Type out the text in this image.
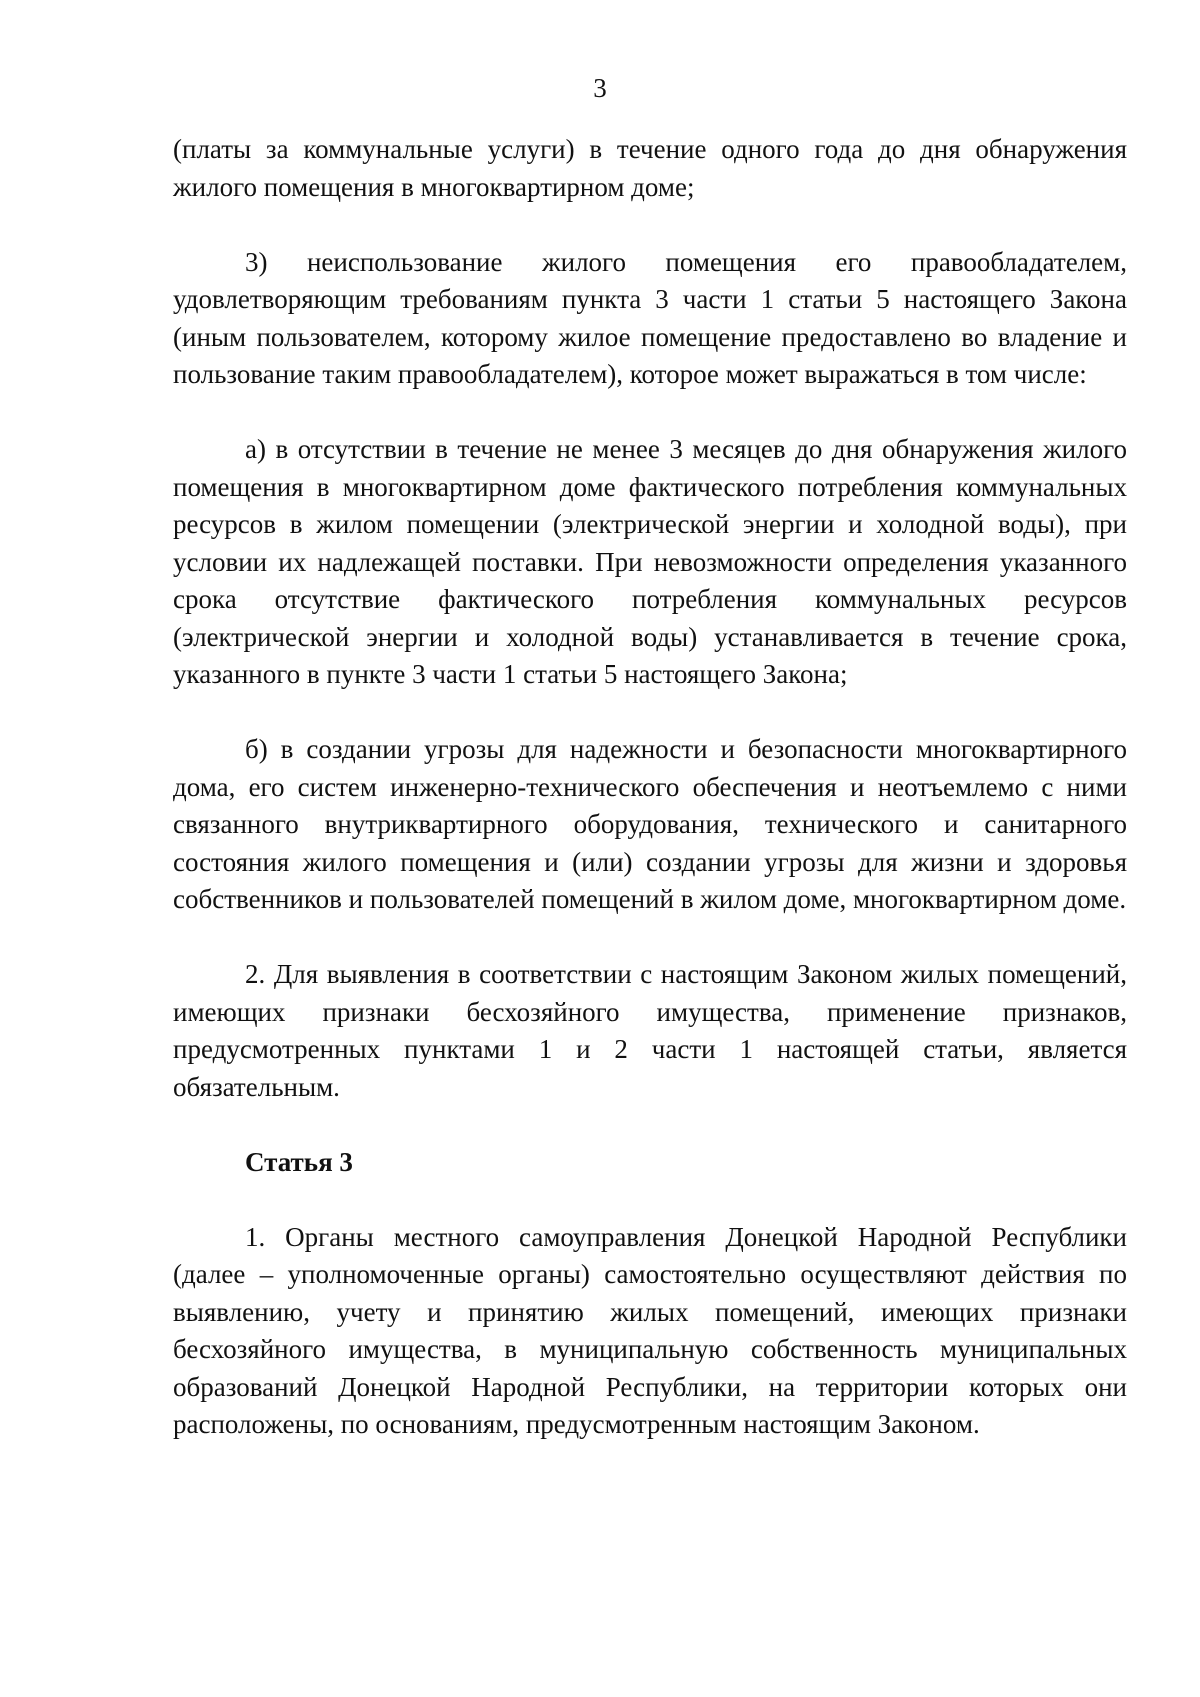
3

(платы за коммунальные услуги) в течение одного года до дня обнаружения жилого помещения в многоквартирном доме;

3) неиспользование жилого помещения его правообладателем, удовлетворяющим требованиям пункта 3 части 1 статьи 5 настоящего Закона (иным пользователем, которому жилое помещение предоставлено во владение и пользование таким правообладателем), которое может выражаться в том числе:

а) в отсутствии в течение не менее 3 месяцев до дня обнаружения жилого помещения в многоквартирном доме фактического потребления коммунальных ресурсов в жилом помещении (электрической энергии и холодной воды), при условии их надлежащей поставки. При невозможности определения указанного срока отсутствие фактического потребления коммунальных ресурсов (электрической энергии и холодной воды) устанавливается в течение срока, указанного в пункте 3 части 1 статьи 5 настоящего Закона;

б) в создании угрозы для надежности и безопасности многоквартирного дома, его систем инженерно-технического обеспечения и неотъемлемо с ними связанного внутриквартирного оборудования, технического и санитарного состояния жилого помещения и (или) создании угрозы для жизни и здоровья собственников и пользователей помещений в жилом доме, многоквартирном доме.

2. Для выявления в соответствии с настоящим Законом жилых помещений, имеющих признаки бесхозяйного имущества, применение признаков, предусмотренных пунктами 1 и 2 части 1 настоящей статьи, является обязательным.

Статья 3

1. Органы местного самоуправления Донецкой Народной Республики (далее – уполномоченные органы) самостоятельно осуществляют действия по выявлению, учету и принятию жилых помещений, имеющих признаки бесхозяйного имущества, в муниципальную собственность муниципальных образований Донецкой Народной Республики, на территории которых они расположены, по основаниям, предусмотренным настоящим Законом.
